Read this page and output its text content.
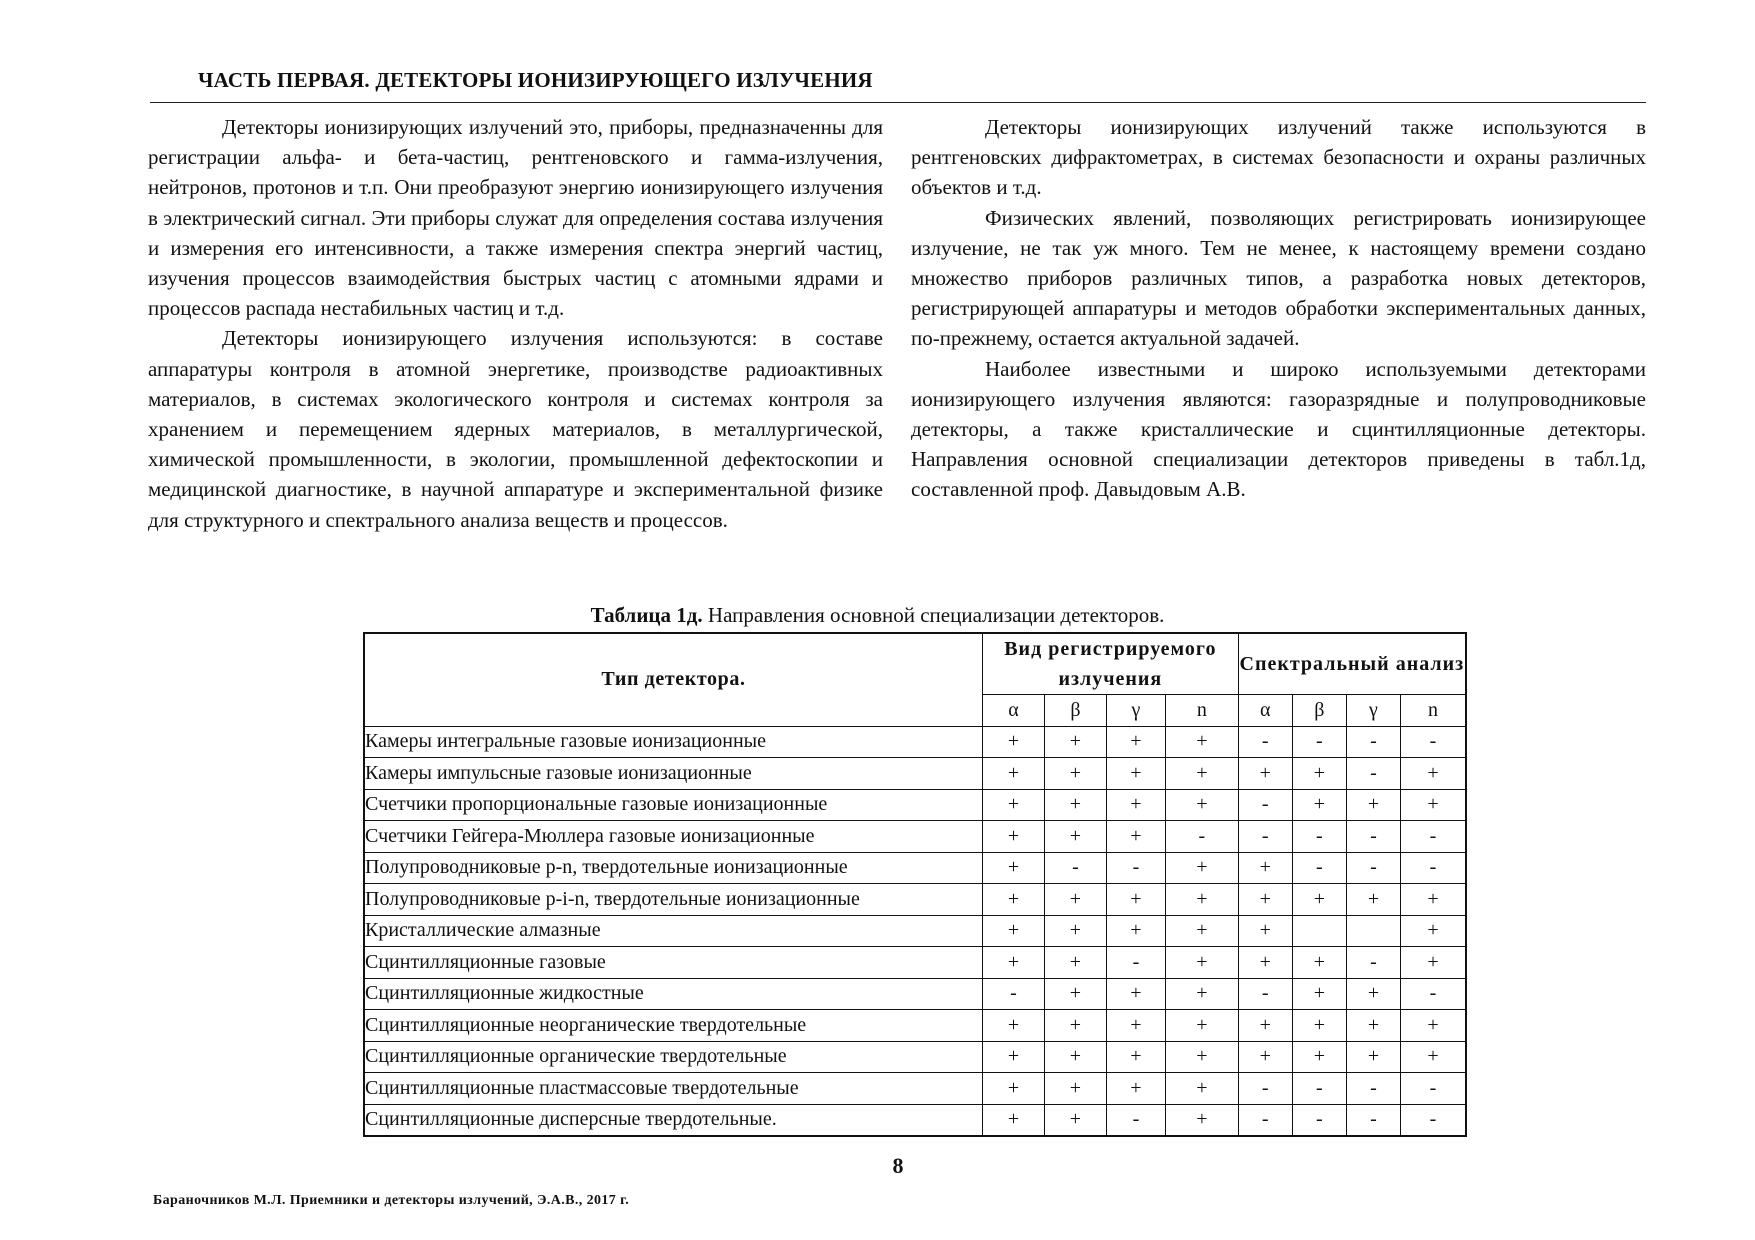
ЧАСТЬ ПЕРВАЯ. ДЕТЕКТОРЫ ИОНИЗИРУЮЩЕГО ИЗЛУЧЕНИЯ

Детекторы ионизирующих излучений это, приборы, предназначенны для регистрации альфа- и бета-частиц, рентгеновского и гамма-излучения, нейтронов, протонов и т.п. Они преобразуют энергию ионизирующего излучения в электрический сигнал. Эти приборы служат для определения состава излучения и измерения его интенсивности, а также измерения спектра энергий частиц, изучения процессов взаимодействия быстрых частиц с атомными ядрами и процессов распада нестабильных частиц и т.д.

Детекторы ионизирующего излучения используются: в составе аппаратуры контроля в атомной энергетике, производстве радиоактивных материалов, в системах экологического контроля и системах контроля за хранением и перемещением ядерных материалов, в металлургической, химической промышленности, в экологии, промышленной дефектоскопии и медицинской диагностике, в научной аппаратуре и экспериментальной физике для структурного и спектрального анализа веществ и процессов.

Детекторы ионизирующих излучений также используются в рентгеновских дифрактометрах, в системах безопасности и охраны различных объектов и т.д.

Физических явлений, позволяющих регистрировать ионизирующее излучение, не так уж много. Тем не менее, к настоящему времени создано множество приборов различных типов, а разработка новых детекторов, регистрирующей аппаратуры и методов обработки экспериментальных данных, по-прежнему, остается актуальной задачей.

Наиболее известными и широко используемыми детекторами ионизирующего излучения являются: газоразрядные и полупроводниковые детекторы, а также кристаллические и сцинтилляционные детекторы. Направления основной специализации детекторов приведены в табл.1д, составленной проф. Давыдовым А.В.

Таблица 1д. Направления основной специализации детекторов.
Тип детектора.	Вид регистрируемого излучения				Спектральный анализ			
	α	β	γ	n	α	β	γ	n
Камеры интегральные газовые ионизационные	+	+	+	+	-	-	-	-
Камеры импульсные газовые ионизационные	+	+	+	+	+	+	-	+
Счетчики пропорциональные газовые ионизационные	+	+	+	+	-	+	+	+
Счетчики Гейгера-Мюллера газовые ионизационные	+	+	+	-	-	-	-	-
Полупроводниковые p-n, твердотельные ионизационные	+	-	-	+	+	-	-	-
Полупроводниковые p-i-n, твердотельные ионизационные	+	+	+	+	+	+	+	+
Кристаллические алмазные	+	+	+	+	+			+
Сцинтилляционные газовые	+	+	-	+	+	+	-	+
Сцинтилляционные жидкостные	-	+	+	+	-	+	+	-
Сцинтилляционные неорганические твердотельные	+	+	+	+	+	+	+	+
Сцинтилляционные органические твердотельные	+	+	+	+	+	+	+	+
Сцинтилляционные пластмассовые твердотельные	+	+	+	+	-	-	-	-
Сцинтилляционные дисперсные твердотельные.	+	+	-	+	-	-	-	-
8
Бараночников М.Л. Приемники и детекторы излучений, Э.А.В., 2017 г.
